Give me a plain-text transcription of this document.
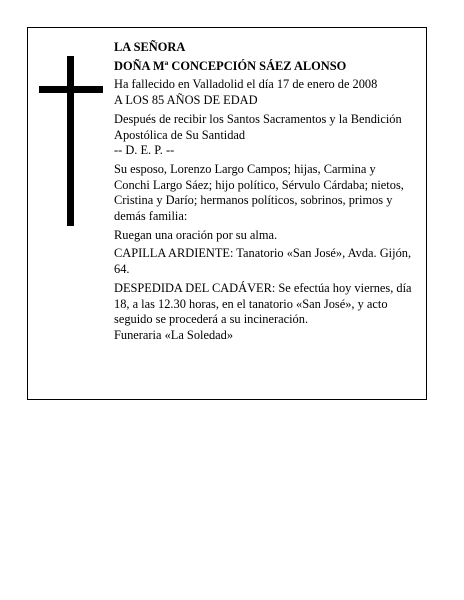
LA SEÑORA

DOÑA Mª CONCEPCIÓN SÁEZ ALONSO

Ha fallecido en Valladolid el día 17 de enero de 2008

A LOS 85 AÑOS DE EDAD

Después de recibir los Santos Sacramentos y la Bendición Apostólica de Su Santidad

-- D. E. P. --

Su esposo, Lorenzo Largo Campos; hijas, Carmina y Conchi Largo Sáez; hijo político, Sérvulo Cárdaba; nietos, Cristina y Darío; hermanos políticos, sobrinos, primos y demás familia:

Ruegan una oración por su alma.

CAPILLA ARDIENTE: Tanatorio «San José», Avda. Gijón, 64.

DESPEDIDA DEL CADÁVER: Se efectúa hoy viernes, día 18, a las 12.30 horas, en el tanatorio «San José», y acto seguido se procederá a su incineración.

Funeraria «La Soledad»
